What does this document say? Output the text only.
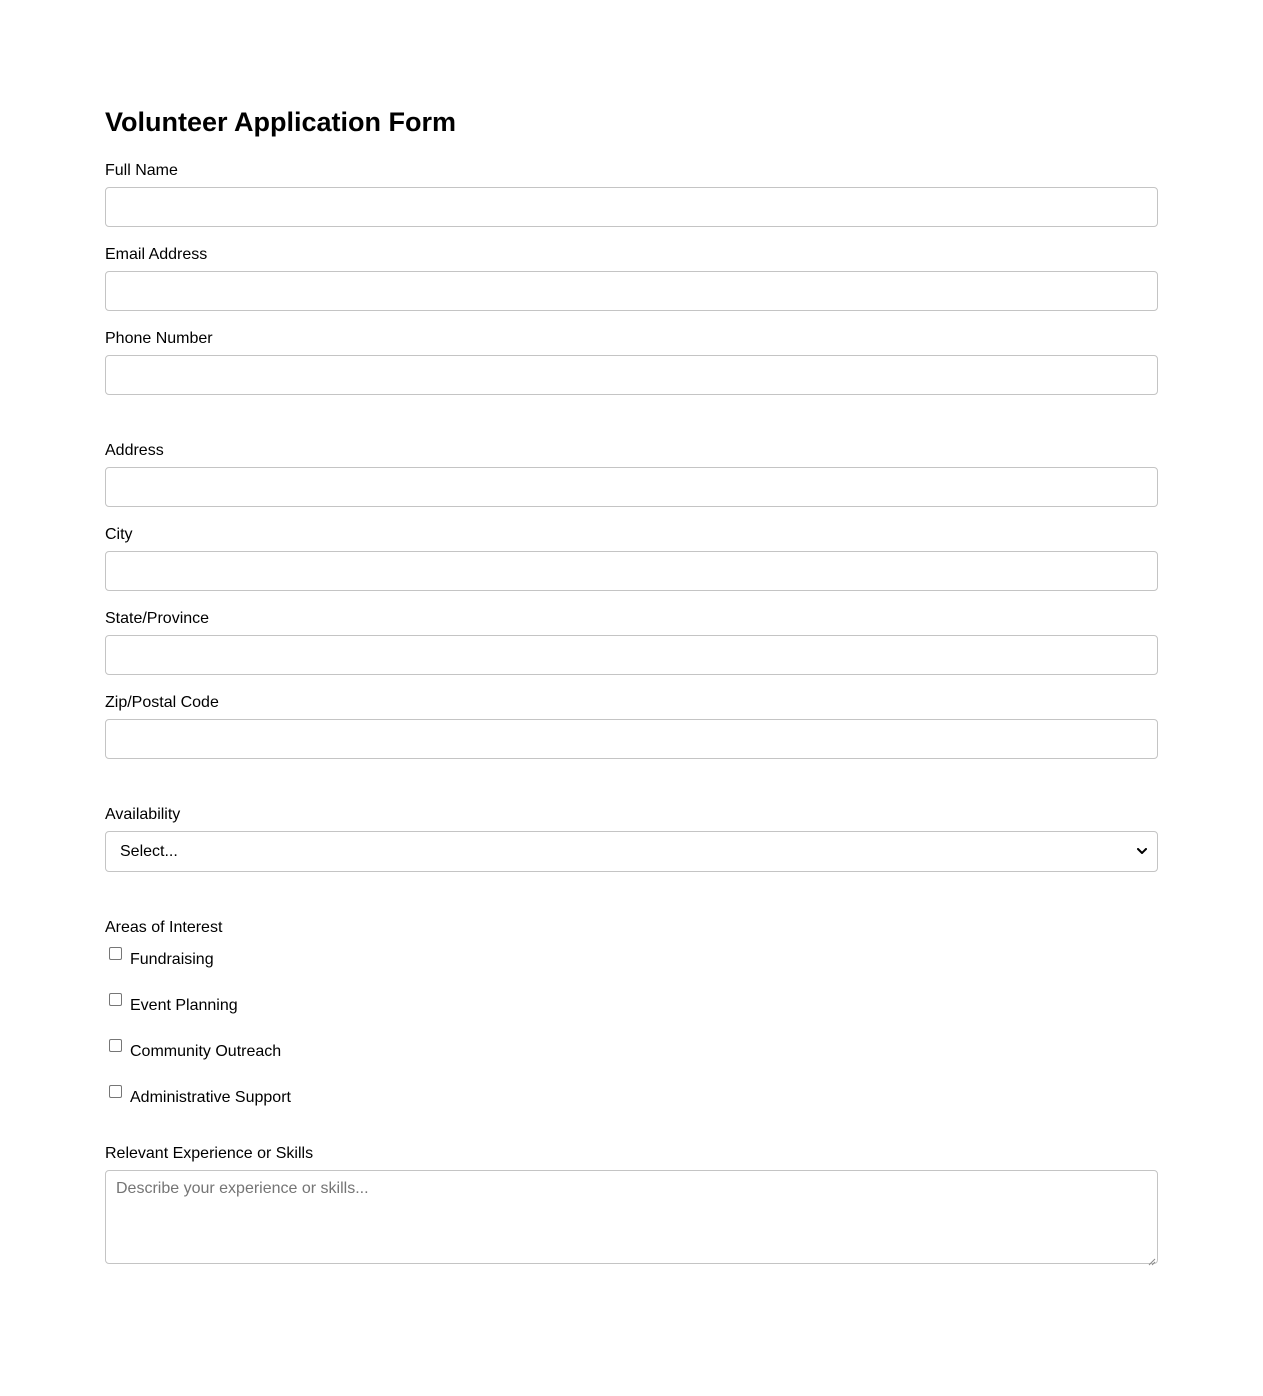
Volunteer Application Form
Full Name
Email Address
Phone Number
Address
City
State/Province
Zip/Postal Code
Availability
Select...
Areas of Interest
Fundraising
Event Planning
Community Outreach
Administrative Support
Relevant Experience or Skills
Describe your experience or skills...
